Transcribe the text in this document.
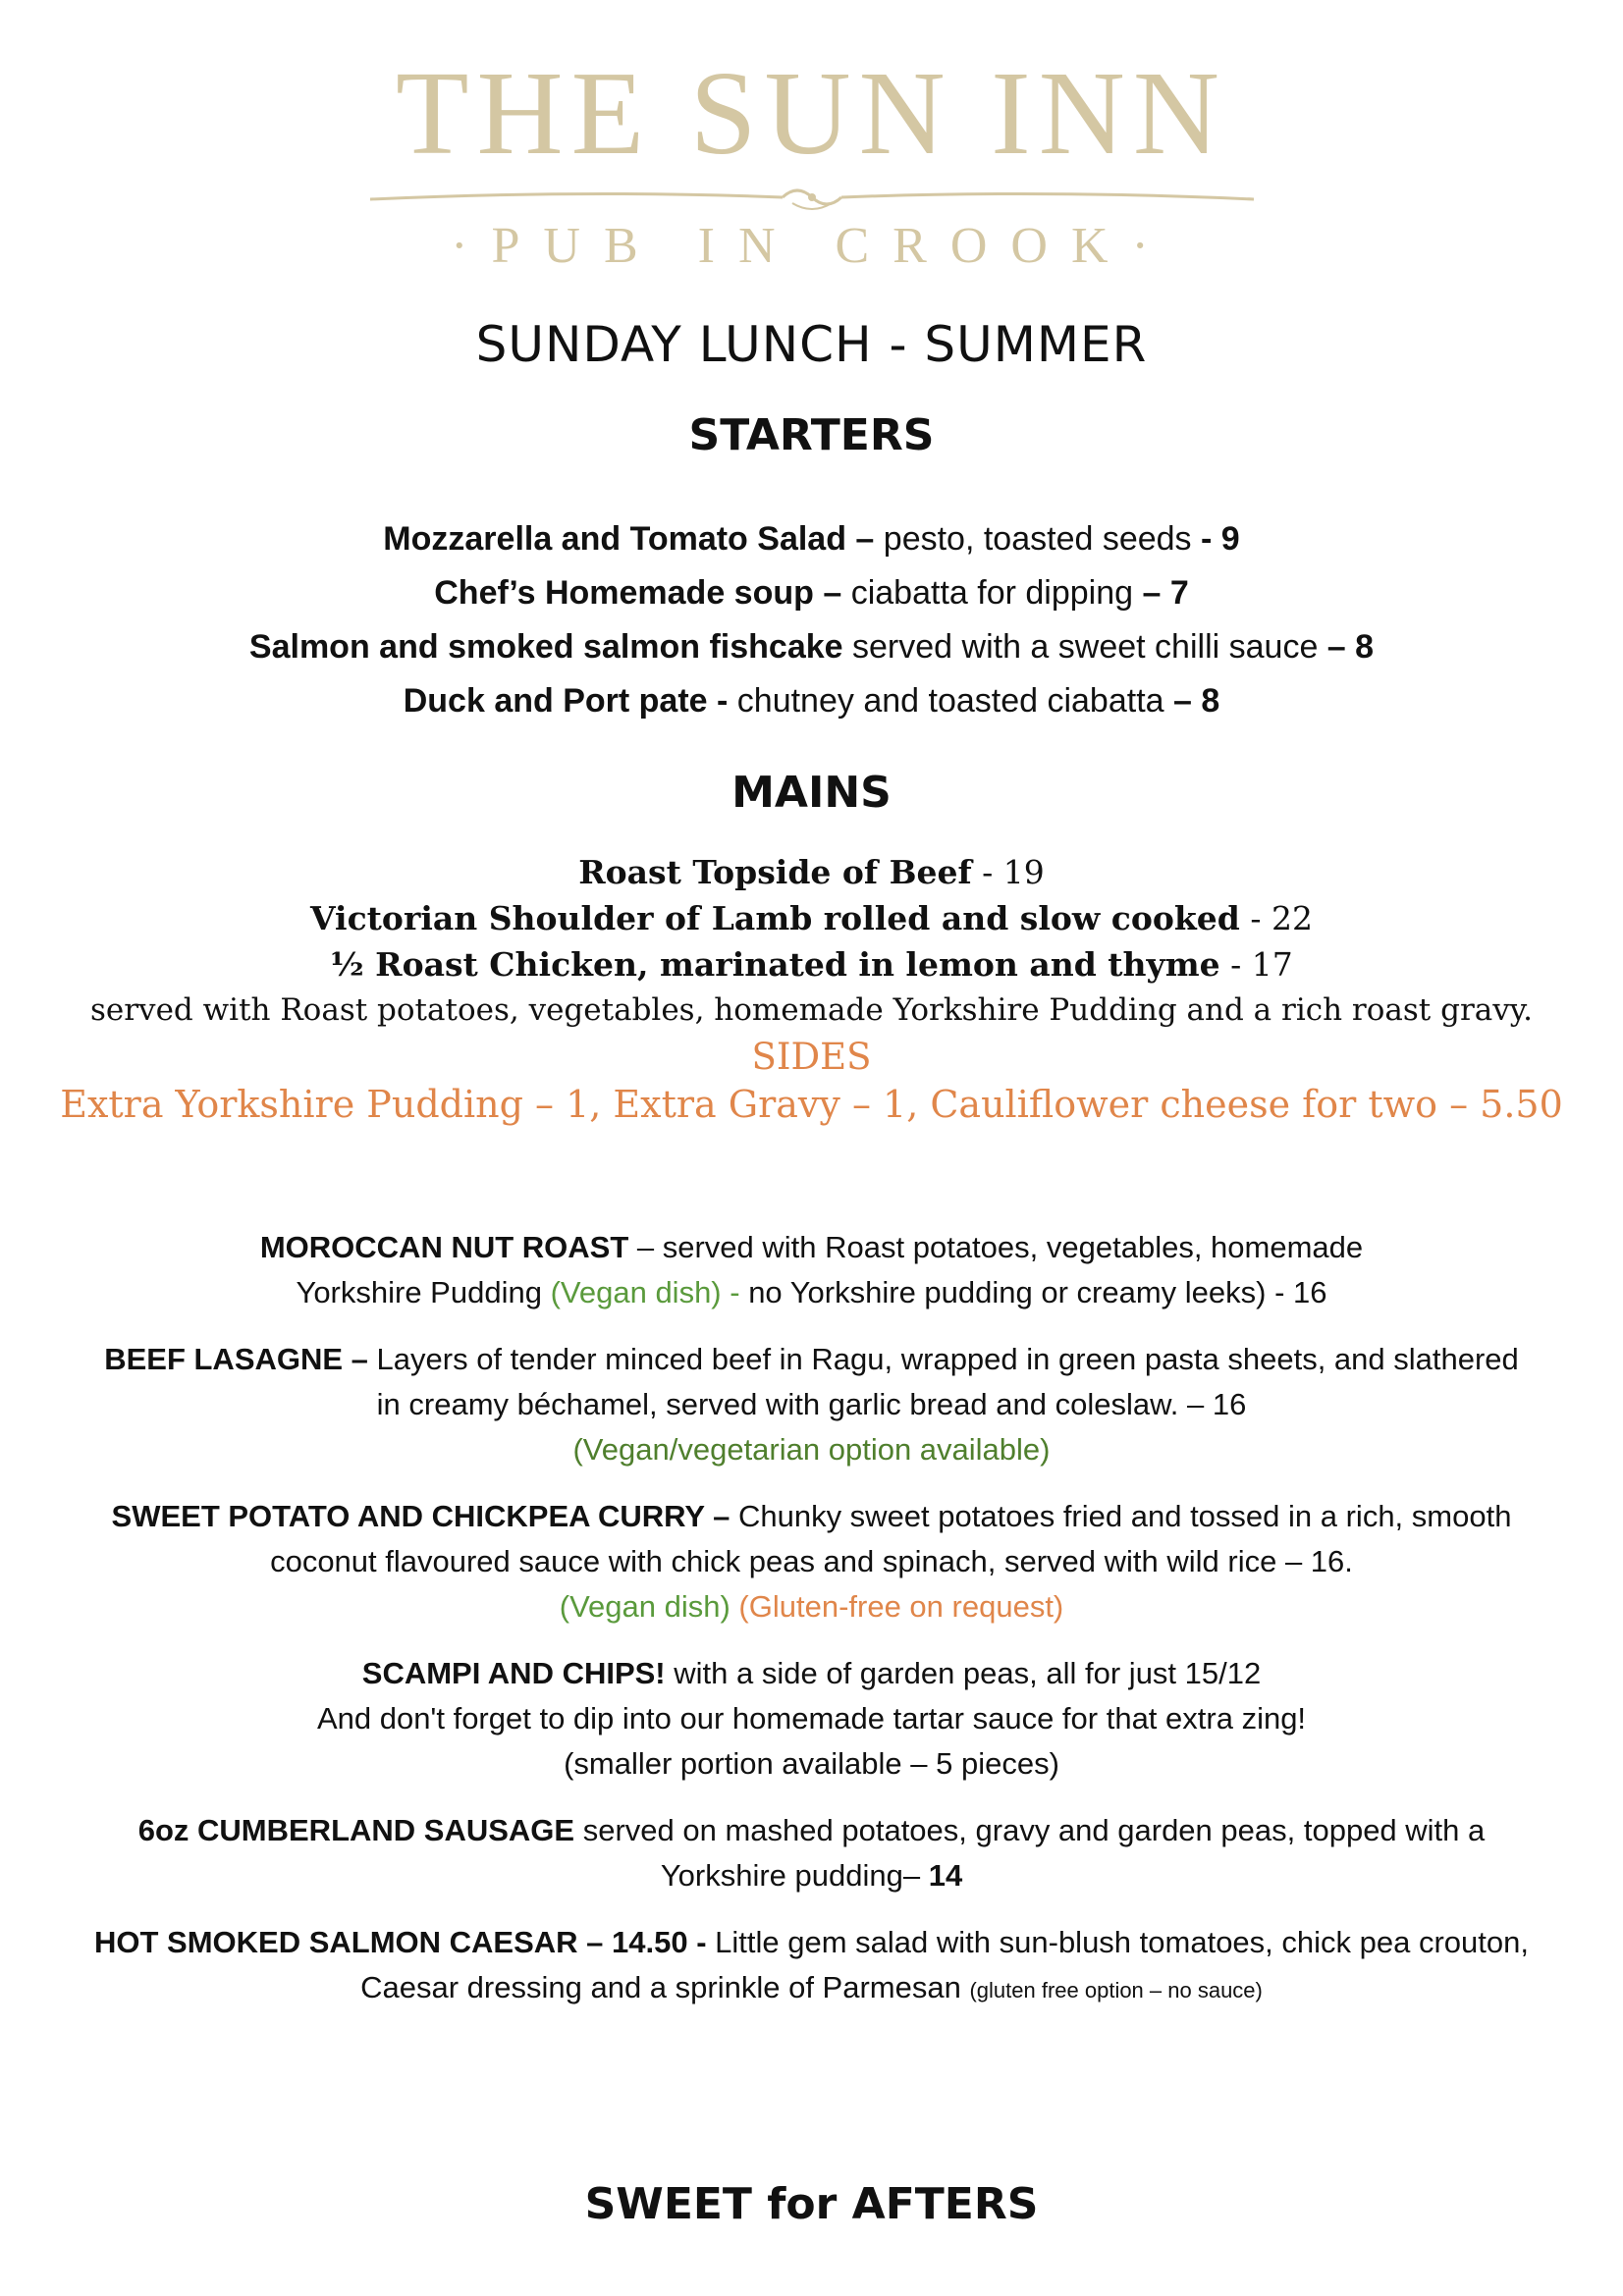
THE SUN INN
·PUB IN CROOK·
SUNDAY LUNCH - SUMMER
STARTERS
Mozzarella and Tomato Salad – pesto, toasted seeds - 9
Chef’s Homemade soup – ciabatta for dipping – 7
Salmon and smoked salmon fishcake served with a sweet chilli sauce – 8
Duck and Port pate - chutney and toasted ciabatta – 8
MAINS
Roast Topside of Beef - 19
Victorian Shoulder of Lamb rolled and slow cooked - 22
½ Roast Chicken, marinated in lemon and thyme - 17
served with Roast potatoes, vegetables, homemade Yorkshire Pudding and a rich roast gravy.
SIDES
Extra Yorkshire Pudding – 1, Extra Gravy – 1, Cauliflower cheese for two – 5.50
MOROCCAN NUT ROAST – served with Roast potatoes, vegetables, homemade
Yorkshire Pudding (Vegan dish) - no Yorkshire pudding or creamy leeks) - 16
BEEF LASAGNE – Layers of tender minced beef in Ragu, wrapped in green pasta sheets, and slathered
in creamy béchamel, served with garlic bread and coleslaw. – 16
(Vegan/vegetarian option available)
SWEET POTATO AND CHICKPEA CURRY – Chunky sweet potatoes fried and tossed in a rich, smooth
coconut flavoured sauce with chick peas and spinach, served with wild rice – 16.
(Vegan dish) (Gluten-free on request)
SCAMPI AND CHIPS! with a side of garden peas, all for just 15/12
And don't forget to dip into our homemade tartar sauce for that extra zing!
(smaller portion available – 5 pieces)
6oz CUMBERLAND SAUSAGE served on mashed potatoes, gravy and garden peas, topped with a
Yorkshire pudding– 14
HOT SMOKED SALMON CAESAR – 14.50 - Little gem salad with sun-blush tomatoes, chick pea crouton,
Caesar dressing and a sprinkle of Parmesan (gluten free option – no sauce)
SWEET for AFTERS
